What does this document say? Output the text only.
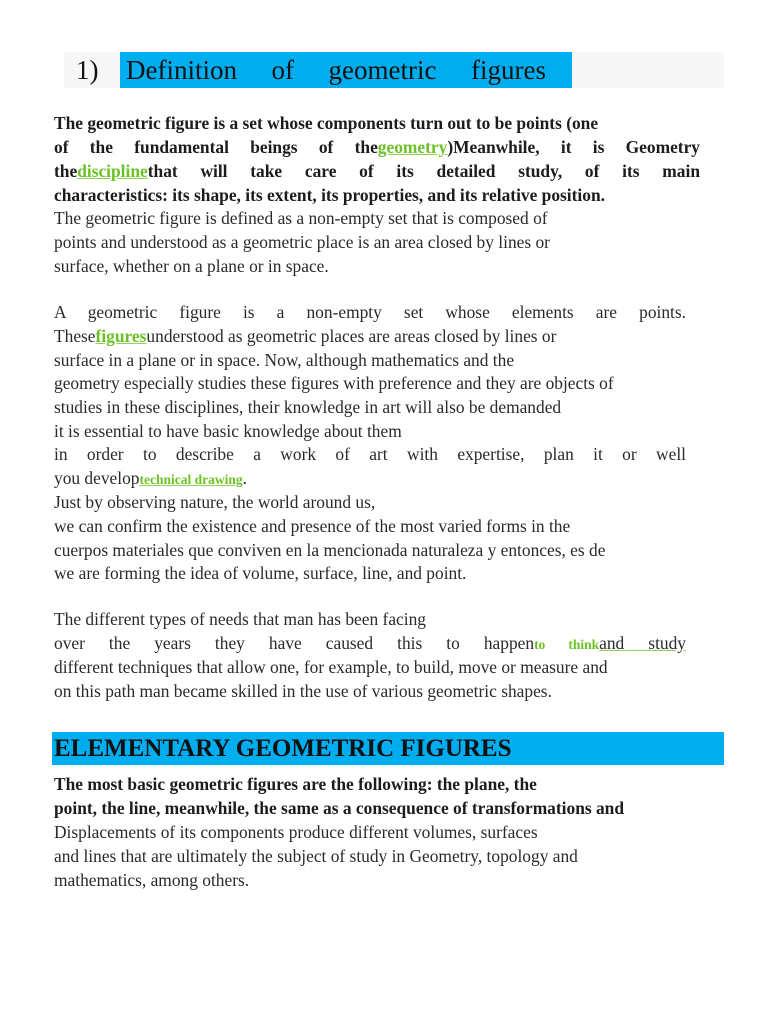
1) Definition of geometric figures
The geometric figure is a set whose components turn out to be points (one
of the fundamental beings of thegeometry)Meanwhile, it is Geometry
thedisciplinethat will take care of its detailed study, of its main
characteristics: its shape, its extent, its properties, and its relative position.
The geometric figure is defined as a non-empty set that is composed of
points and understood as a geometric place is an area closed by lines or
surface, whether on a plane or in space.
A geometric figure is a non-empty set whose elements are points.
Thesefiguresunderstood as geometric places are areas closed by lines or
surface in a plane or in space. Now, although mathematics and the
geometry especially studies these figures with preference and they are objects of
studies in these disciplines, their knowledge in art will also be demanded
it is essential to have basic knowledge about them
in order to describe a work of art with expertise, plan it or well
you developtechnical drawing.
Just by observing nature, the world around us,
we can confirm the existence and presence of the most varied forms in the
cuerpos materiales que conviven en la mencionada naturaleza y entonces, es de
we are forming the idea of volume, surface, line, and point.
The different types of needs that man has been facing
over the years they have caused this to happento thinkand study
different techniques that allow one, for example, to build, move or measure and
on this path man became skilled in the use of various geometric shapes.
ELEMENTARY GEOMETRIC FIGURES
The most basic geometric figures are the following: the plane, the
point, the line, meanwhile, the same as a consequence of transformations and
Displacements of its components produce different volumes, surfaces
and lines that are ultimately the subject of study in Geometry, topology and
mathematics, among others.
